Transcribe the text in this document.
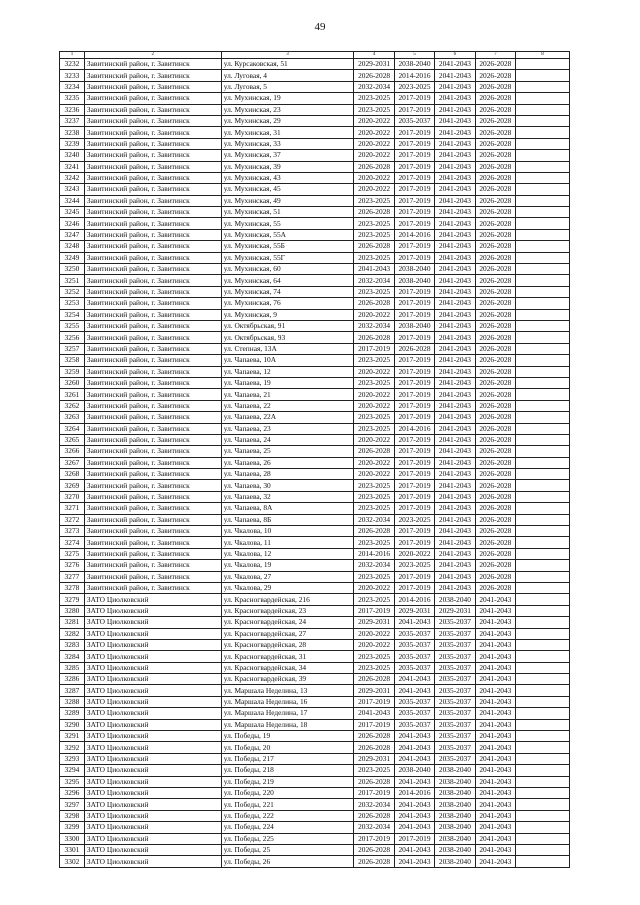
49
1	2	3	4	5	6	7	8
3232	Завитинский район, г. Завитинск	ул. Курсаковская, 51	2029-2031	2038-2040	2041-2043	2026-2028	
3233	Завитинский район, г. Завитинск	ул. Луговая, 4	2026-2028	2014-2016	2041-2043	2026-2028	
3234	Завитинский район, г. Завитинск	ул. Луговая, 5	2032-2034	2023-2025	2041-2043	2026-2028	
3235	Завитинский район, г. Завитинск	ул. Мухинская, 19	2023-2025	2017-2019	2041-2043	2026-2028	
3236	Завитинский район, г. Завитинск	ул. Мухинская, 23	2023-2025	2017-2019	2041-2043	2026-2028	
3237	Завитинский район, г. Завитинск	ул. Мухинская, 29	2020-2022	2035-2037	2041-2043	2026-2028	
3238	Завитинский район, г. Завитинск	ул. Мухинская, 31	2020-2022	2017-2019	2041-2043	2026-2028	
3239	Завитинский район, г. Завитинск	ул. Мухинская, 33	2020-2022	2017-2019	2041-2043	2026-2028	
3240	Завитинский район, г. Завитинск	ул. Мухинская, 37	2020-2022	2017-2019	2041-2043	2026-2028	
3241	Завитинский район, г. Завитинск	ул. Мухинская, 39	2026-2028	2017-2019	2041-2043	2026-2028	
3242	Завитинский район, г. Завитинск	ул. Мухинская, 43	2020-2022	2017-2019	2041-2043	2026-2028	
3243	Завитинский район, г. Завитинск	ул. Мухинская, 45	2020-2022	2017-2019	2041-2043	2026-2028	
3244	Завитинский район, г. Завитинск	ул. Мухинская, 49	2023-2025	2017-2019	2041-2043	2026-2028	
3245	Завитинский район, г. Завитинск	ул. Мухинская, 51	2026-2028	2017-2019	2041-2043	2026-2028	
3246	Завитинский район, г. Завитинск	ул. Мухинская, 55	2023-2025	2017-2019	2041-2043	2026-2028	
3247	Завитинский район, г. Завитинск	ул. Мухинская, 55А	2023-2025	2014-2016	2041-2043	2026-2028	
3248	Завитинский район, г. Завитинск	ул. Мухинская, 55Б	2026-2028	2017-2019	2041-2043	2026-2028	
3249	Завитинский район, г. Завитинск	ул. Мухинская, 55Г	2023-2025	2017-2019	2041-2043	2026-2028	
3250	Завитинский район, г. Завитинск	ул. Мухинская, 60	2041-2043	2038-2040	2041-2043	2026-2028	
3251	Завитинский район, г. Завитинск	ул. Мухинская, 64	2032-2034	2038-2040	2041-2043	2026-2028	
3252	Завитинский район, г. Завитинск	ул. Мухинская, 74	2023-2025	2017-2019	2041-2043	2026-2028	
3253	Завитинский район, г. Завитинск	ул. Мухинская, 76	2026-2028	2017-2019	2041-2043	2026-2028	
3254	Завитинский район, г. Завитинск	ул. Мухинская, 9	2020-2022	2017-2019	2041-2043	2026-2028	
3255	Завитинский район, г. Завитинск	ул. Октябрьская, 91	2032-2034	2038-2040	2041-2043	2026-2028	
3256	Завитинский район, г. Завитинск	ул. Октябрьская, 93	2026-2028	2017-2019	2041-2043	2026-2028	
3257	Завитинский район, г. Завитинск	ул. Степная, 13А	2017-2019	2026-2028	2041-2043	2026-2028	
3258	Завитинский район, г. Завитинск	ул. Чапаева, 10А	2023-2025	2017-2019	2041-2043	2026-2028	
3259	Завитинский район, г. Завитинск	ул. Чапаева, 12	2020-2022	2017-2019	2041-2043	2026-2028	
3260	Завитинский район, г. Завитинск	ул. Чапаева, 19	2023-2025	2017-2019	2041-2043	2026-2028	
3261	Завитинский район, г. Завитинск	ул. Чапаева, 21	2020-2022	2017-2019	2041-2043	2026-2028	
3262	Завитинский район, г. Завитинск	ул. Чапаева, 22	2020-2022	2017-2019	2041-2043	2026-2028	
3263	Завитинский район, г. Завитинск	ул. Чапаева, 22А	2023-2025	2017-2019	2041-2043	2026-2028	
3264	Завитинский район, г. Завитинск	ул. Чапаева, 23	2023-2025	2014-2016	2041-2043	2026-2028	
3265	Завитинский район, г. Завитинск	ул. Чапаева, 24	2020-2022	2017-2019	2041-2043	2026-2028	
3266	Завитинский район, г. Завитинск	ул. Чапаева, 25	2026-2028	2017-2019	2041-2043	2026-2028	
3267	Завитинский район, г. Завитинск	ул. Чапаева, 26	2020-2022	2017-2019	2041-2043	2026-2028	
3268	Завитинский район, г. Завитинск	ул. Чапаева, 28	2020-2022	2017-2019	2041-2043	2026-2028	
3269	Завитинский район, г. Завитинск	ул. Чапаева, 30	2023-2025	2017-2019	2041-2043	2026-2028	
3270	Завитинский район, г. Завитинск	ул. Чапаева, 32	2023-2025	2017-2019	2041-2043	2026-2028	
3271	Завитинский район, г. Завитинск	ул. Чапаева, 8А	2023-2025	2017-2019	2041-2043	2026-2028	
3272	Завитинский район, г. Завитинск	ул. Чапаева, 8Б	2032-2034	2023-2025	2041-2043	2026-2028	
3273	Завитинский район, г. Завитинск	ул. Чкалова, 10	2026-2028	2017-2019	2041-2043	2026-2028	
3274	Завитинский район, г. Завитинск	ул. Чкалова, 11	2023-2025	2017-2019	2041-2043	2026-2028	
3275	Завитинский район, г. Завитинск	ул. Чкалова, 12	2014-2016	2020-2022	2041-2043	2026-2028	
3276	Завитинский район, г. Завитинск	ул. Чкалова, 19	2032-2034	2023-2025	2041-2043	2026-2028	
3277	Завитинский район, г. Завитинск	ул. Чкалова, 27	2023-2025	2017-2019	2041-2043	2026-2028	
3278	Завитинский район, г. Завитинск	ул. Чкалова, 29	2020-2022	2017-2019	2041-2043	2026-2028	
3279	ЗАТО Циолковский	ул. Красногвардейская, 216	2023-2025	2014-2016	2038-2040	2041-2043	
3280	ЗАТО Циолковский	ул. Красногвардейская, 23	2017-2019	2029-2031	2029-2031	2041-2043	
3281	ЗАТО Циолковский	ул. Красногвардейская, 24	2029-2031	2041-2043	2035-2037	2041-2043	
3282	ЗАТО Циолковский	ул. Красногвардейская, 27	2020-2022	2035-2037	2035-2037	2041-2043	
3283	ЗАТО Циолковский	ул. Красногвардейская, 28	2020-2022	2035-2037	2035-2037	2041-2043	
3284	ЗАТО Циолковский	ул. Красногвардейская, 31	2023-2025	2035-2037	2035-2037	2041-2043	
3285	ЗАТО Циолковский	ул. Красногвардейская, 34	2023-2025	2035-2037	2035-2037	2041-2043	
3286	ЗАТО Циолковский	ул. Красногвардейская, 39	2026-2028	2041-2043	2035-2037	2041-2043	
3287	ЗАТО Циолковский	ул. Маршала Неделина, 13	2029-2031	2041-2043	2035-2037	2041-2043	
3288	ЗАТО Циолковский	ул. Маршала Неделина, 16	2017-2019	2035-2037	2035-2037	2041-2043	
3289	ЗАТО Циолковский	ул. Маршала Неделина, 17	2041-2043	2035-2037	2035-2037	2041-2043	
3290	ЗАТО Циолковский	ул. Маршала Неделина, 18	2017-2019	2035-2037	2035-2037	2041-2043	
3291	ЗАТО Циолковский	ул. Победы, 19	2026-2028	2041-2043	2035-2037	2041-2043	
3292	ЗАТО Циолковский	ул. Победы, 20	2026-2028	2041-2043	2035-2037	2041-2043	
3293	ЗАТО Циолковский	ул. Победы, 217	2029-2031	2041-2043	2035-2037	2041-2043	
3294	ЗАТО Циолковский	ул. Победы, 218	2023-2025	2038-2040	2038-2040	2041-2043	
3295	ЗАТО Циолковский	ул. Победы, 219	2026-2028	2041-2043	2038-2040	2041-2043	
3296	ЗАТО Циолковский	ул. Победы, 220	2017-2019	2014-2016	2038-2040	2041-2043	
3297	ЗАТО Циолковский	ул. Победы, 221	2032-2034	2041-2043	2038-2040	2041-2043	
3298	ЗАТО Циолковский	ул. Победы, 222	2026-2028	2041-2043	2038-2040	2041-2043	
3299	ЗАТО Циолковский	ул. Победы, 224	2032-2034	2041-2043	2038-2040	2041-2043	
3300	ЗАТО Циолковский	ул. Победы, 225	2017-2019	2017-2019	2038-2040	2041-2043	
3301	ЗАТО Циолковский	ул. Победы, 25	2026-2028	2041-2043	2038-2040	2041-2043	
3302	ЗАТО Циолковский	ул. Победы, 26	2026-2028	2041-2043	2038-2040	2041-2043	
